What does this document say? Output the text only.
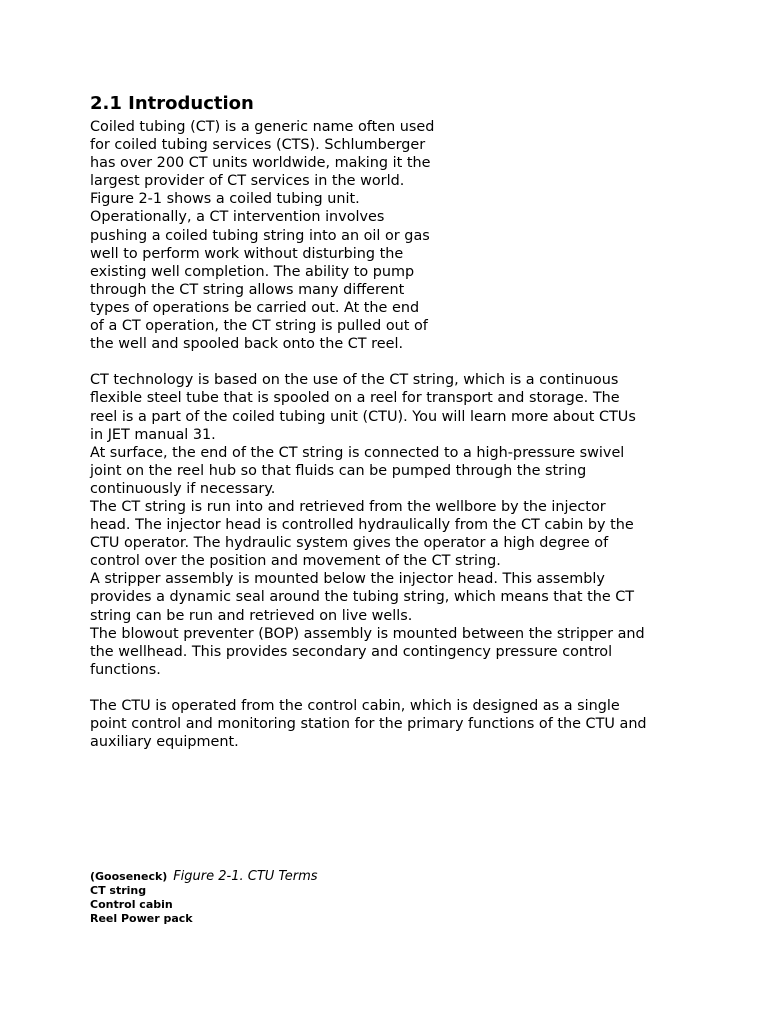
2.1 Introduction

Coiled tubing (CT) is a generic name often used
for coiled tubing services (CTS). Schlumberger
has over 200 CT units worldwide, making it the
largest provider of CT services in the world.
Figure 2-1 shows a coiled tubing unit.
Operationally, a CT intervention involves
pushing a coiled tubing string into an oil or gas
well to perform work without disturbing the
existing well completion. The ability to pump
through the CT string allows many different
types of operations be carried out. At the end
of a CT operation, the CT string is pulled out of
the well and spooled back onto the CT reel.

CT technology is based on the use of the CT string, which is a continuous
flexible steel tube that is spooled on a reel for transport and storage. The
reel is a part of the coiled tubing unit (CTU). You will learn more about CTUs
in JET manual 31.

At surface, the end of the CT string is connected to a high-pressure swivel
joint on the reel hub so that fluids can be pumped through the string
continuously if necessary.

The CT string is run into and retrieved from the wellbore by the injector
head. The injector head is controlled hydraulically from the CT cabin by the
CTU operator. The hydraulic system gives the operator a high degree of
control over the position and movement of the CT string.

A stripper assembly is mounted below the injector head. This assembly
provides a dynamic seal around the tubing string, which means that the CT
string can be run and retrieved on live wells.

The blowout preventer (BOP) assembly is mounted between the stripper and
the wellhead. This provides secondary and contingency pressure control
functions.

The CTU is operated from the control cabin, which is designed as a single
point control and monitoring station for the primary functions of the CTU and
auxiliary equipment.

(Gooseneck) Figure 2-1. CTU Terms

CT string

Control cabin

Reel Power pack
